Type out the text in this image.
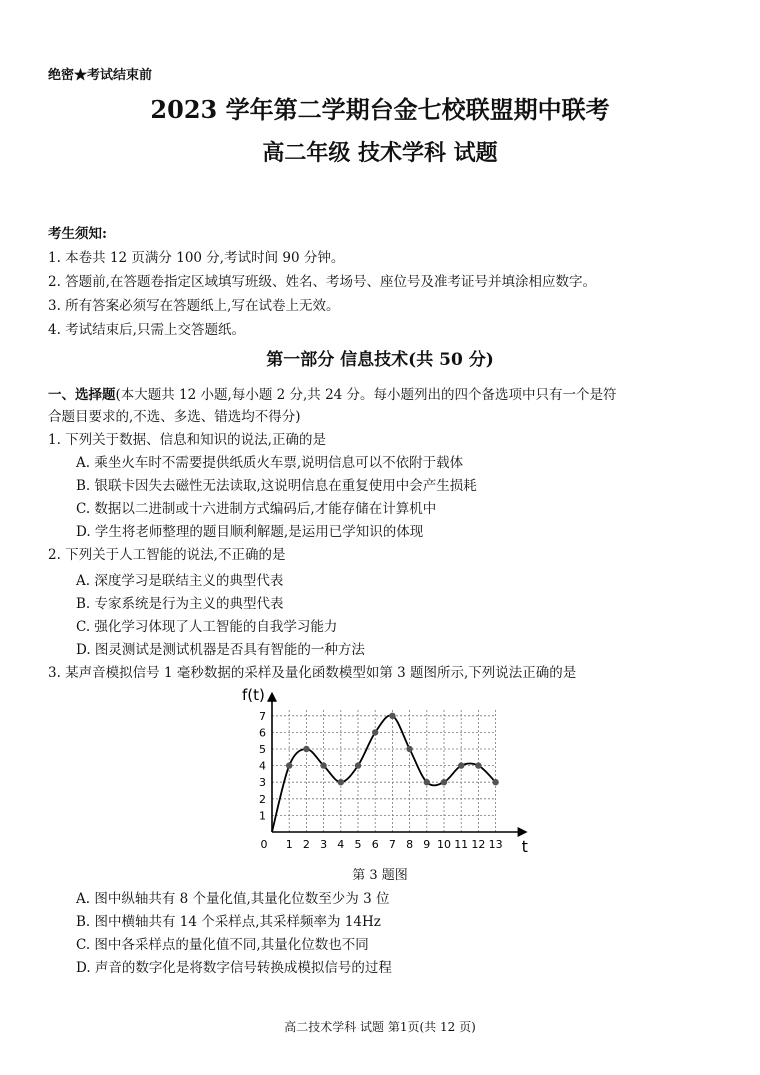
绝密★考试结束前
2023 学年第二学期台金七校联盟期中联考
高二年级 技术学科 试题
考生须知:
1. 本卷共 12 页满分 100 分,考试时间 90 分钟。
2. 答题前,在答题卷指定区域填写班级、姓名、考场号、座位号及准考证号并填涂相应数字。
3. 所有答案必须写在答题纸上,写在试卷上无效。
4. 考试结束后,只需上交答题纸。
第一部分 信息技术(共 50 分)
一、选择题(本大题共 12 小题,每小题 2 分,共 24 分。每小题列出的四个备选项中只有一个是符
合题目要求的,不选、多选、错选均不得分)
1. 下列关于数据、信息和知识的说法,正确的是
A. 乘坐火车时不需要提供纸质火车票,说明信息可以不依附于载体
B. 银联卡因失去磁性无法读取,这说明信息在重复使用中会产生损耗
C. 数据以二进制或十六进制方式编码后,才能存储在计算机中
D. 学生将老师整理的题目顺利解题,是运用已学知识的体现
2. 下列关于人工智能的说法,不正确的是
A. 深度学习是联结主义的典型代表
B. 专家系统是行为主义的典型代表
C. 强化学习体现了人工智能的自我学习能力
D. 图灵测试是测试机器是否具有智能的一种方法
3. 某声音模拟信号 1 毫秒数据的采样及量化函数模型如第 3 题图所示,下列说法正确的是
1 2 3 4 5 6 7 8 9 10 11 12 13
1
2
3
4
5
6
7
0
f(t)
t
第 3 题图
A. 图中纵轴共有 8 个量化值,其量化位数至少为 3 位
B. 图中横轴共有 14 个采样点,其采样频率为 14Hz
C. 图中各采样点的量化值不同,其量化位数也不同
D. 声音的数字化是将数字信号转换成模拟信号的过程
高二技术学科 试题 第1页(共 12 页)
